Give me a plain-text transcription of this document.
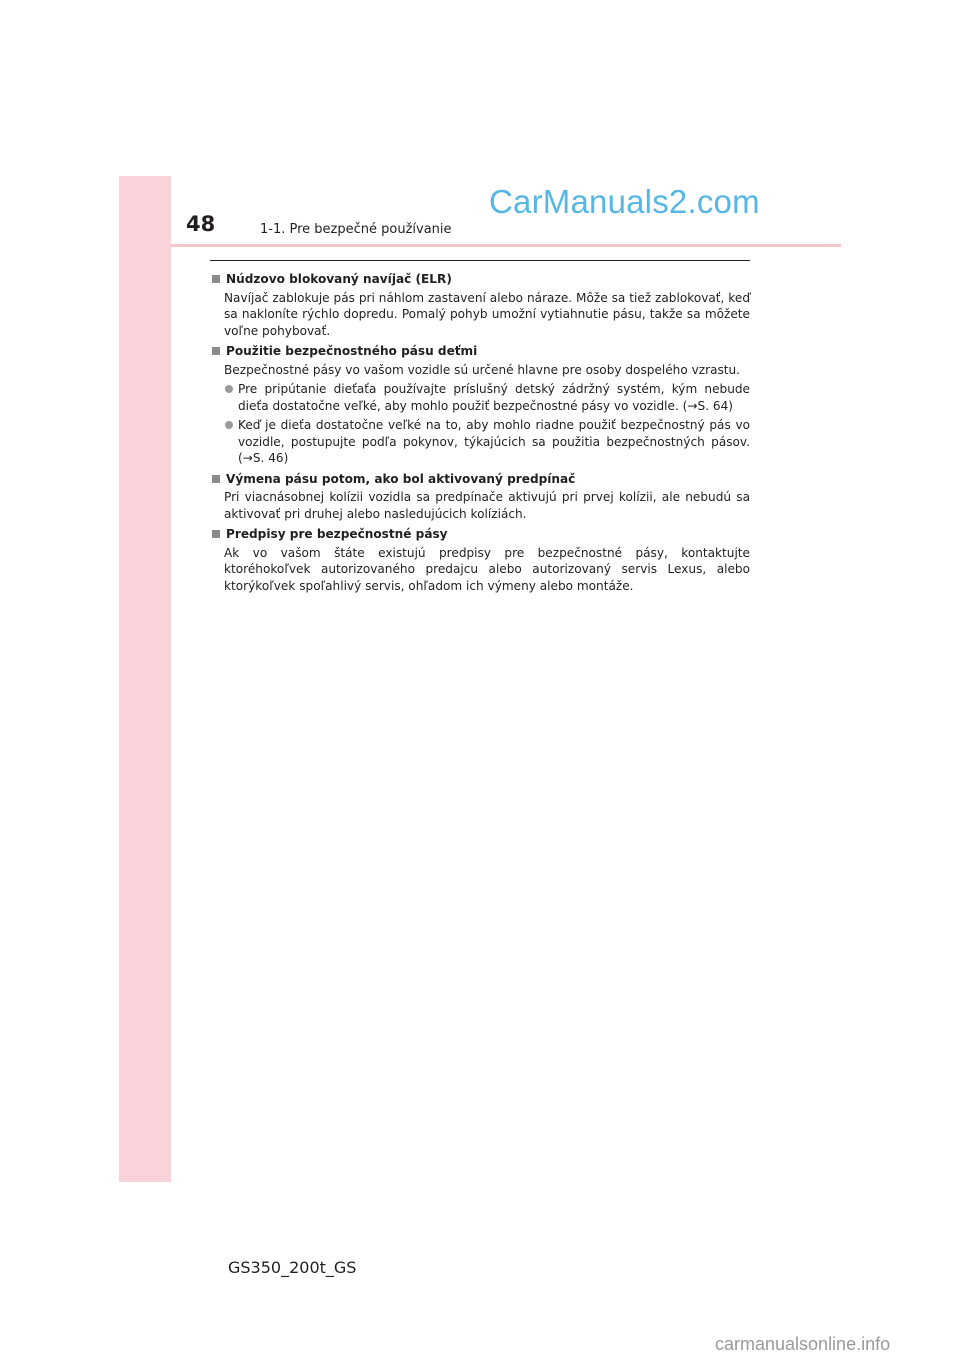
48	1-1. Pre bezpečné používanie
CarManuals2.com
Núdzovo blokovaný navíjač (ELR)
Navíjač zablokuje pás pri náhlom zastavení alebo náraze. Môže sa tiež zablokovať, keď sa nakloníte rýchlo dopredu. Pomalý pohyb umožní vytiahnutie pásu, takže sa môžete voľne pohybovať.
Použitie bezpečnostného pásu deťmi
Bezpečnostné pásy vo vašom vozidle sú určené hlavne pre osoby dospelého vzrastu.
Pre pripútanie dieťaťa používajte príslušný detský zádržný systém, kým nebude dieťa dostatočne veľké, aby mohlo použiť bezpečnostné pásy vo vozidle. (→S. 64)
Keď je dieťa dostatočne veľké na to, aby mohlo riadne použiť bezpečnostný pás vo vozidle, postupujte podľa pokynov, týkajúcich sa použitia bezpečnostných pásov. (→S. 46)
Výmena pásu potom, ako bol aktivovaný predpínač
Pri viacnásobnej kolízii vozidla sa predpínače aktivujú pri prvej kolízii, ale nebudú sa aktivovať pri druhej alebo nasledujúcich kolíziách.
Predpisy pre bezpečnostné pásy
Ak vo vašom štáte existujú predpisy pre bezpečnostné pásy, kontaktujte ktoréhokoľvek autorizovaného predajcu alebo autorizovaný servis Lexus, alebo ktorýkoľvek spoľahlivý servis, ohľadom ich výmeny alebo montáže.
GS350_200t_GS
carmanualsonline.info
